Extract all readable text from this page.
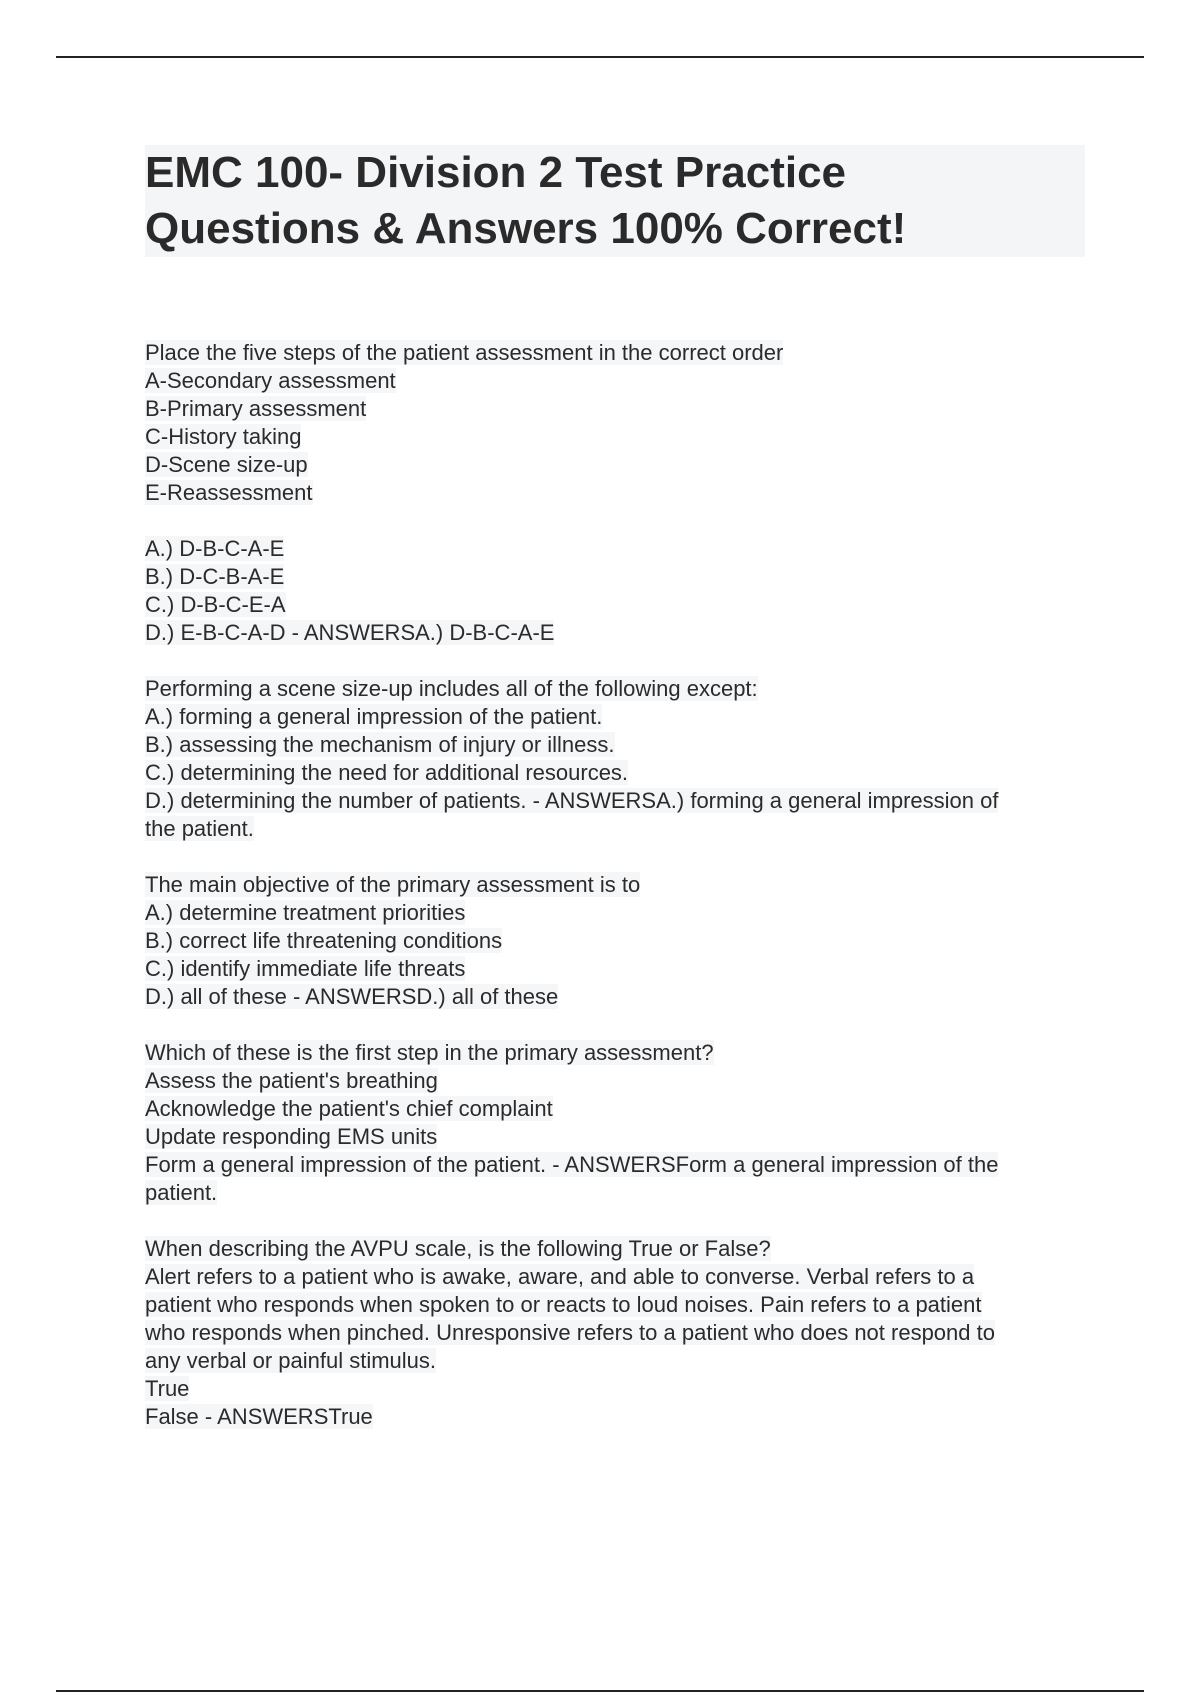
EMC 100- Division 2 Test Practice
Questions & Answers 100% Correct!
Place the five steps of the patient assessment in the correct order
A-Secondary assessment
B-Primary assessment
C-History taking
D-Scene size-up
E-Reassessment
A.) D-B-C-A-E
B.) D-C-B-A-E
C.) D-B-C-E-A
D.) E-B-C-A-D - ANSWERSA.) D-B-C-A-E
Performing a scene size-up includes all of the following except:
A.) forming a general impression of the patient.
B.) assessing the mechanism of injury or illness.
C.) determining the need for additional resources.
D.) determining the number of patients. - ANSWERSA.) forming a general impression of
the patient.
The main objective of the primary assessment is to
A.) determine treatment priorities
B.) correct life threatening conditions
C.) identify immediate life threats
D.) all of these - ANSWERSD.) all of these
Which of these is the first step in the primary assessment?
Assess the patient's breathing
Acknowledge the patient's chief complaint
Update responding EMS units
Form a general impression of the patient. - ANSWERSForm a general impression of the
patient.
When describing the AVPU scale, is the following True or False?
Alert refers to a patient who is awake, aware, and able to converse. Verbal refers to a
patient who responds when spoken to or reacts to loud noises. Pain refers to a patient
who responds when pinched. Unresponsive refers to a patient who does not respond to
any verbal or painful stimulus.
True
False - ANSWERSTrue
